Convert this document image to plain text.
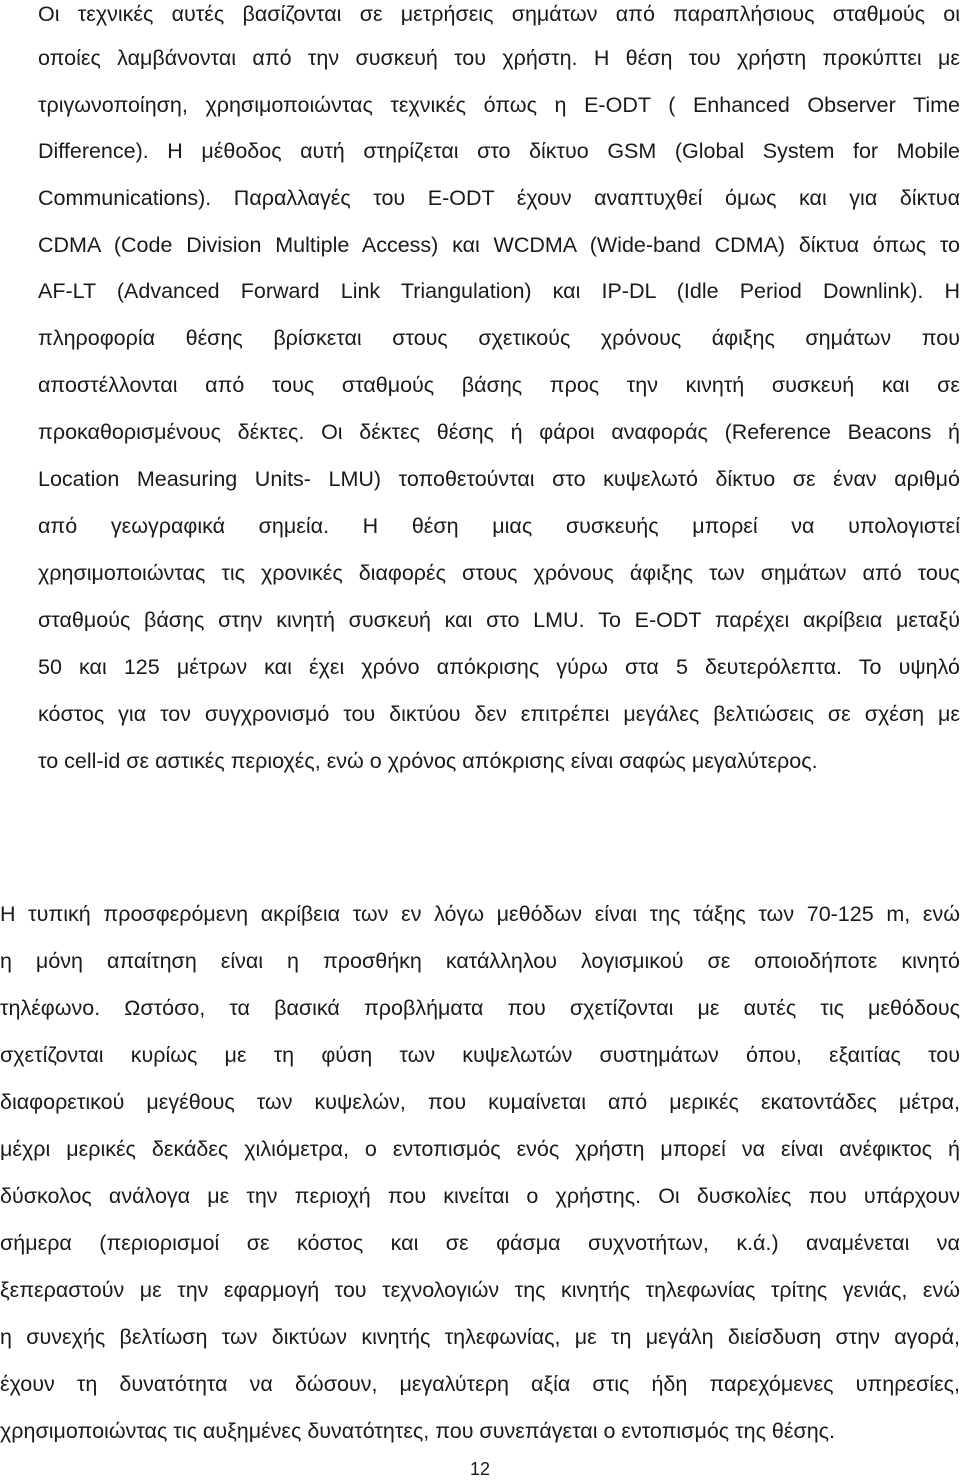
Οι τεχνικές αυτές βασίζονται σε μετρήσεις σημάτων από παραπλήσιους σταθμούς οι
οποίες λαμβάνονται από την συσκευή του χρήστη. Η θέση του χρήστη προκύπτει με
τριγωνοποίηση, χρησιμοποιώντας τεχνικές όπως η E-ODT ( Enhanced Observer Time
Difference). Η μέθοδος αυτή στηρίζεται στο δίκτυο GSM (Global System for Mobile
Communications). Παραλλαγές του E-ODT έχουν αναπτυχθεί όμως και για δίκτυα
CDMA (Code Division Multiple Access) και WCDMA (Wide-band CDMA) δίκτυα όπως το
AF-LT (Advanced Forward Link Triangulation) και IP-DL (Idle Period Downlink). Η
πληροφορία θέσης βρίσκεται στους σχετικούς χρόνους άφιξης σημάτων που
αποστέλλονται από τους σταθμούς βάσης προς την κινητή συσκευή και σε
προκαθορισμένους δέκτες. Οι δέκτες θέσης ή φάροι αναφοράς (Reference Beacons ή
Location Measuring Units- LMU) τοποθετούνται στο κυψελωτό δίκτυο σε έναν αριθμό
από γεωγραφικά σημεία. Η θέση μιας συσκευής μπορεί να υπολογιστεί
χρησιμοποιώντας τις χρονικές διαφορές στους χρόνους άφιξης των σημάτων από τους
σταθμούς βάσης στην κινητή συσκευή και στο LMU. Το E-ODT παρέχει ακρίβεια μεταξύ
50 και 125 μέτρων και έχει χρόνο απόκρισης γύρω στα 5 δευτερόλεπτα. Το υψηλό
κόστος για τον συγχρονισμό του δικτύου δεν επιτρέπει μεγάλες βελτιώσεις σε σχέση με
το cell-id σε αστικές περιοχές, ενώ ο χρόνος απόκρισης είναι σαφώς μεγαλύτερος.
Η τυπική προσφερόμενη ακρίβεια των εν λόγω μεθόδων είναι της τάξης των 70-125 m, ενώ
η μόνη απαίτηση είναι η προσθήκη κατάλληλου λογισμικού σε οποιοδήποτε κινητό
τηλέφωνο. Ωστόσο, τα βασικά προβλήματα που σχετίζονται με αυτές τις μεθόδους
σχετίζονται κυρίως με τη φύση των κυψελωτών συστημάτων όπου, εξαιτίας του
διαφορετικού μεγέθους των κυψελών, που κυμαίνεται από μερικές εκατοντάδες μέτρα,
μέχρι μερικές δεκάδες χιλιόμετρα, ο εντοπισμός ενός χρήστη μπορεί να είναι ανέφικτος ή
δύσκολος ανάλογα με την περιοχή που κινείται ο χρήστης. Οι δυσκολίες που υπάρχουν
σήμερα (περιορισμοί σε κόστος και σε φάσμα συχνοτήτων, κ.ά.) αναμένεται να
ξεπεραστούν με την εφαρμογή του τεχνολογιών της κινητής τηλεφωνίας τρίτης γενιάς, ενώ
η συνεχής βελτίωση των δικτύων κινητής τηλεφωνίας, με τη μεγάλη διείσδυση στην αγορά,
έχουν τη δυνατότητα να δώσουν, μεγαλύτερη αξία στις ήδη παρεχόμενες υπηρεσίες,
χρησιμοποιώντας τις αυξημένες δυνατότητες, που συνεπάγεται ο εντοπισμός της θέσης.
12
